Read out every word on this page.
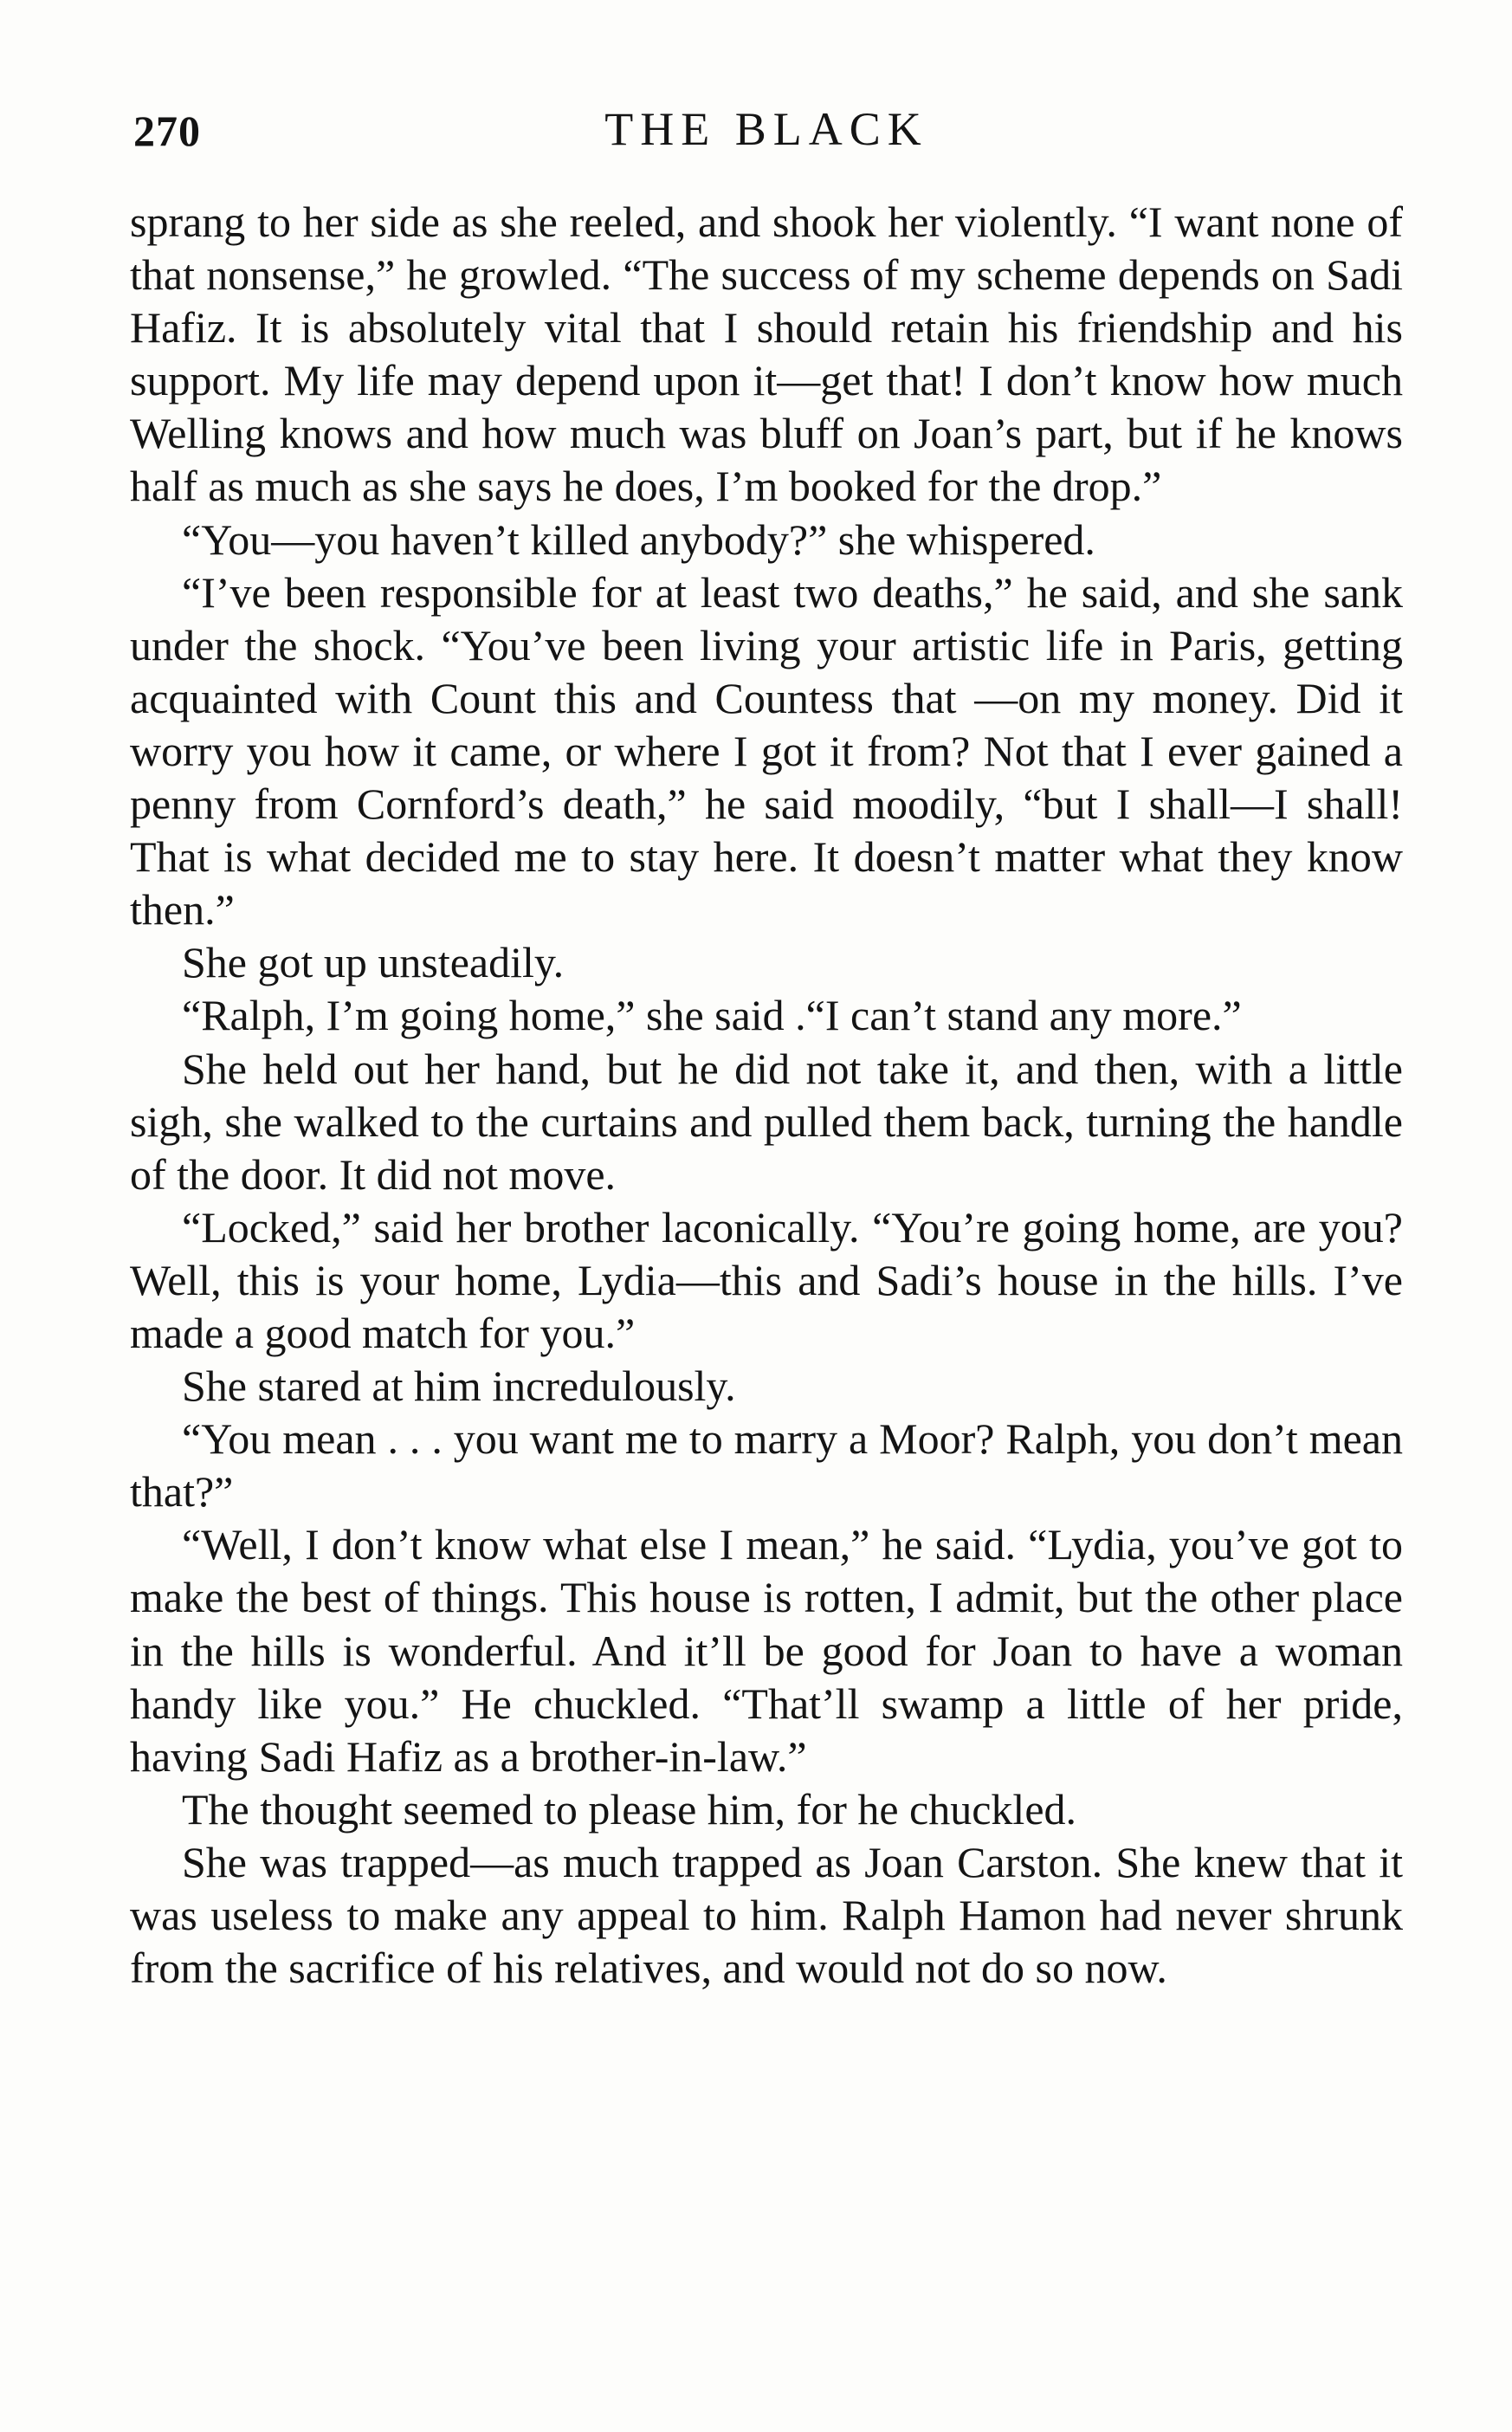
270	THE BLACK

sprang to her side as she reeled, and shook her violently. “I want none of that nonsense,” he growled. “The success of my scheme depends on Sadi Hafiz. It is absolutely vital that I should retain his friendship and his support. My life may depend upon it—get that! I don’t know how much Welling knows and how much was bluff on Joan’s part, but if he knows half as much as she says he does, I’m booked for the drop.”

“You—you haven’t killed anybody?” she whispered.

“I’ve been responsible for at least two deaths,” he said, and she sank under the shock. “You’ve been living your artistic life in Paris, getting acquainted with Count this and Countess that —on my money. Did it worry you how it came, or where I got it from? Not that I ever gained a penny from Cornford’s death,” he said moodily, “but I shall—I shall! That is what decided me to stay here. It doesn’t matter what they know then.”

She got up unsteadily.

“Ralph, I’m going home,” she said .“I can’t stand any more.”

She held out her hand, but he did not take it, and then, with a little sigh, she walked to the curtains and pulled them back, turning the handle of the door. It did not move.

“Locked,” said her brother laconically. “You’re going home, are you? Well, this is your home, Lydia—this and Sadi’s house in the hills. I’ve made a good match for you.”

She stared at him incredulously.

“You mean . . . you want me to marry a Moor? Ralph, you don’t mean that?”

“Well, I don’t know what else I mean,” he said. “Lydia, you’ve got to make the best of things. This house is rotten, I admit, but the other place in the hills is wonderful. And it’ll be good for Joan to have a woman handy like you.” He chuckled. “That’ll swamp a little of her pride, having Sadi Hafiz as a brother-in-law.”

The thought seemed to please him, for he chuckled.

She was trapped—as much trapped as Joan Carston. She knew that it was useless to make any appeal to him. Ralph Hamon had never shrunk from the sacrifice of his relatives, and would not do so now.
